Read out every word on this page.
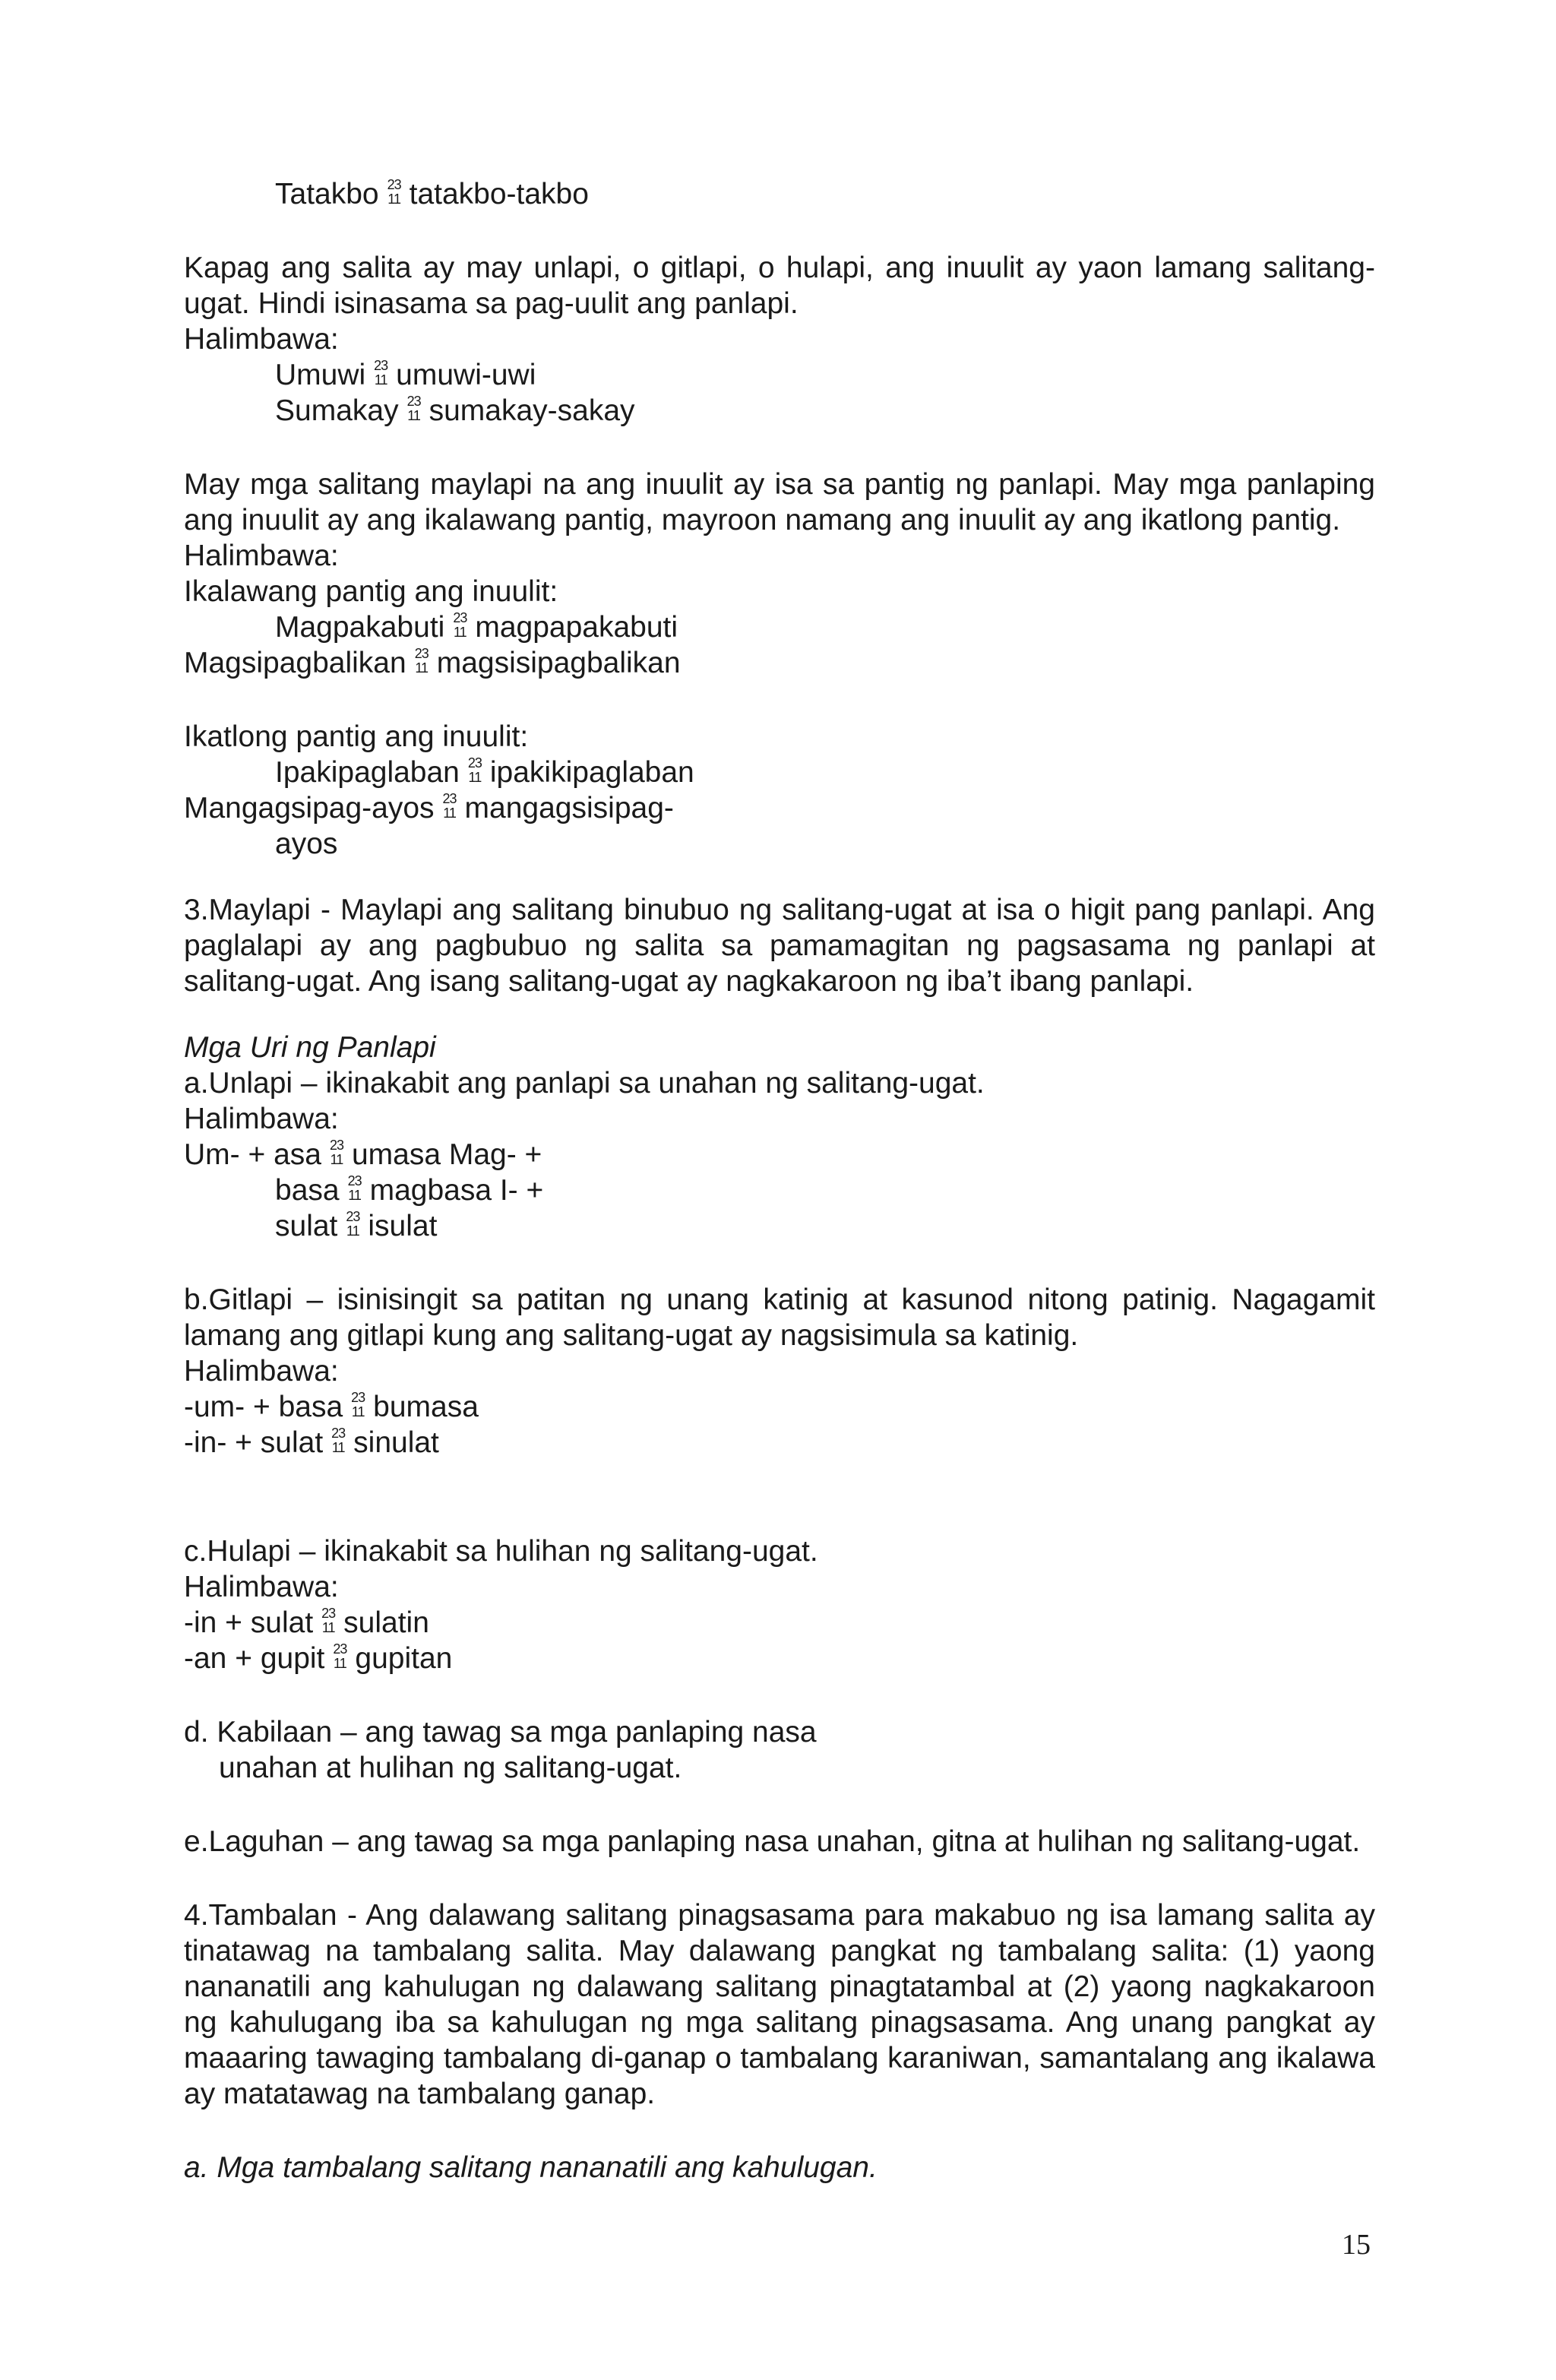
Tatakbo 23
11 tatakbo-takbo
Kapag ang salita ay may unlapi, o gitlapi, o hulapi, ang inuulit ay yaon lamang salitang-ugat. Hindi isinasama sa pag-uulit ang panlapi.
Halimbawa:
Umuwi 23
11 umuwi-uwi
Sumakay 23
11 sumakay-sakay
May mga salitang maylapi na ang inuulit ay isa sa pantig ng panlapi. May mga panlaping ang inuulit ay ang ikalawang pantig, mayroon namang ang inuulit ay ang ikatlong pantig.
Halimbawa:
Ikalawang pantig ang inuulit:
Magpakabuti 23
11 magpapakabuti
Magsipagbalikan 23
11 magsisipagbalikan
Ikatlong pantig ang inuulit:
Ipakipaglaban 23
11 ipakikipaglaban
Mangagsipag-ayos 23
11 mangagsisipag-
ayos
3.Maylapi - Maylapi ang salitang binubuo ng salitang-ugat at isa o higit pang panlapi. Ang paglalapi ay ang pagbubuo ng salita sa pamamagitan ng pagsasama ng panlapi at salitang-ugat. Ang isang salitang-ugat ay nagkakaroon ng iba’t ibang panlapi.
Mga Uri ng Panlapi
a.Unlapi – ikinakabit ang panlapi sa unahan ng salitang-ugat.
Halimbawa:
Um- + asa 23
11 umasa Mag- +
basa 23
11 magbasa I- +
sulat 23
11 isulat
b.Gitlapi – isinisingit sa patitan ng unang katinig at kasunod nitong patinig. Nagagamit lamang ang gitlapi kung ang salitang-ugat ay nagsisimula sa katinig.
Halimbawa:
-um- + basa 23
11 bumasa
-in- + sulat 23
11 sinulat
c.Hulapi – ikinakabit sa hulihan ng salitang-ugat.
Halimbawa:
-in + sulat 23
11 sulatin
-an + gupit 23
11 gupitan
d. Kabilaan – ang tawag sa mga panlaping nasa
unahan at hulihan ng salitang-ugat.
e.Laguhan – ang tawag sa mga panlaping nasa unahan, gitna at hulihan ng salitang-ugat.
4.Tambalan - Ang dalawang salitang pinagsasama para makabuo ng isa lamang salita ay tinatawag na tambalang salita. May dalawang pangkat ng tambalang salita: (1) yaong nananatili ang kahulugan ng dalawang salitang pinagtatambal at (2) yaong nagkakaroon ng kahulugang iba sa kahulugan ng mga salitang pinagsasama. Ang unang pangkat ay maaaring tawaging tambalang di-ganap o tambalang karaniwan, samantalang ang ikalawa ay matatawag na tambalang ganap.
a. Mga tambalang salitang nananatili ang kahulugan.
15
